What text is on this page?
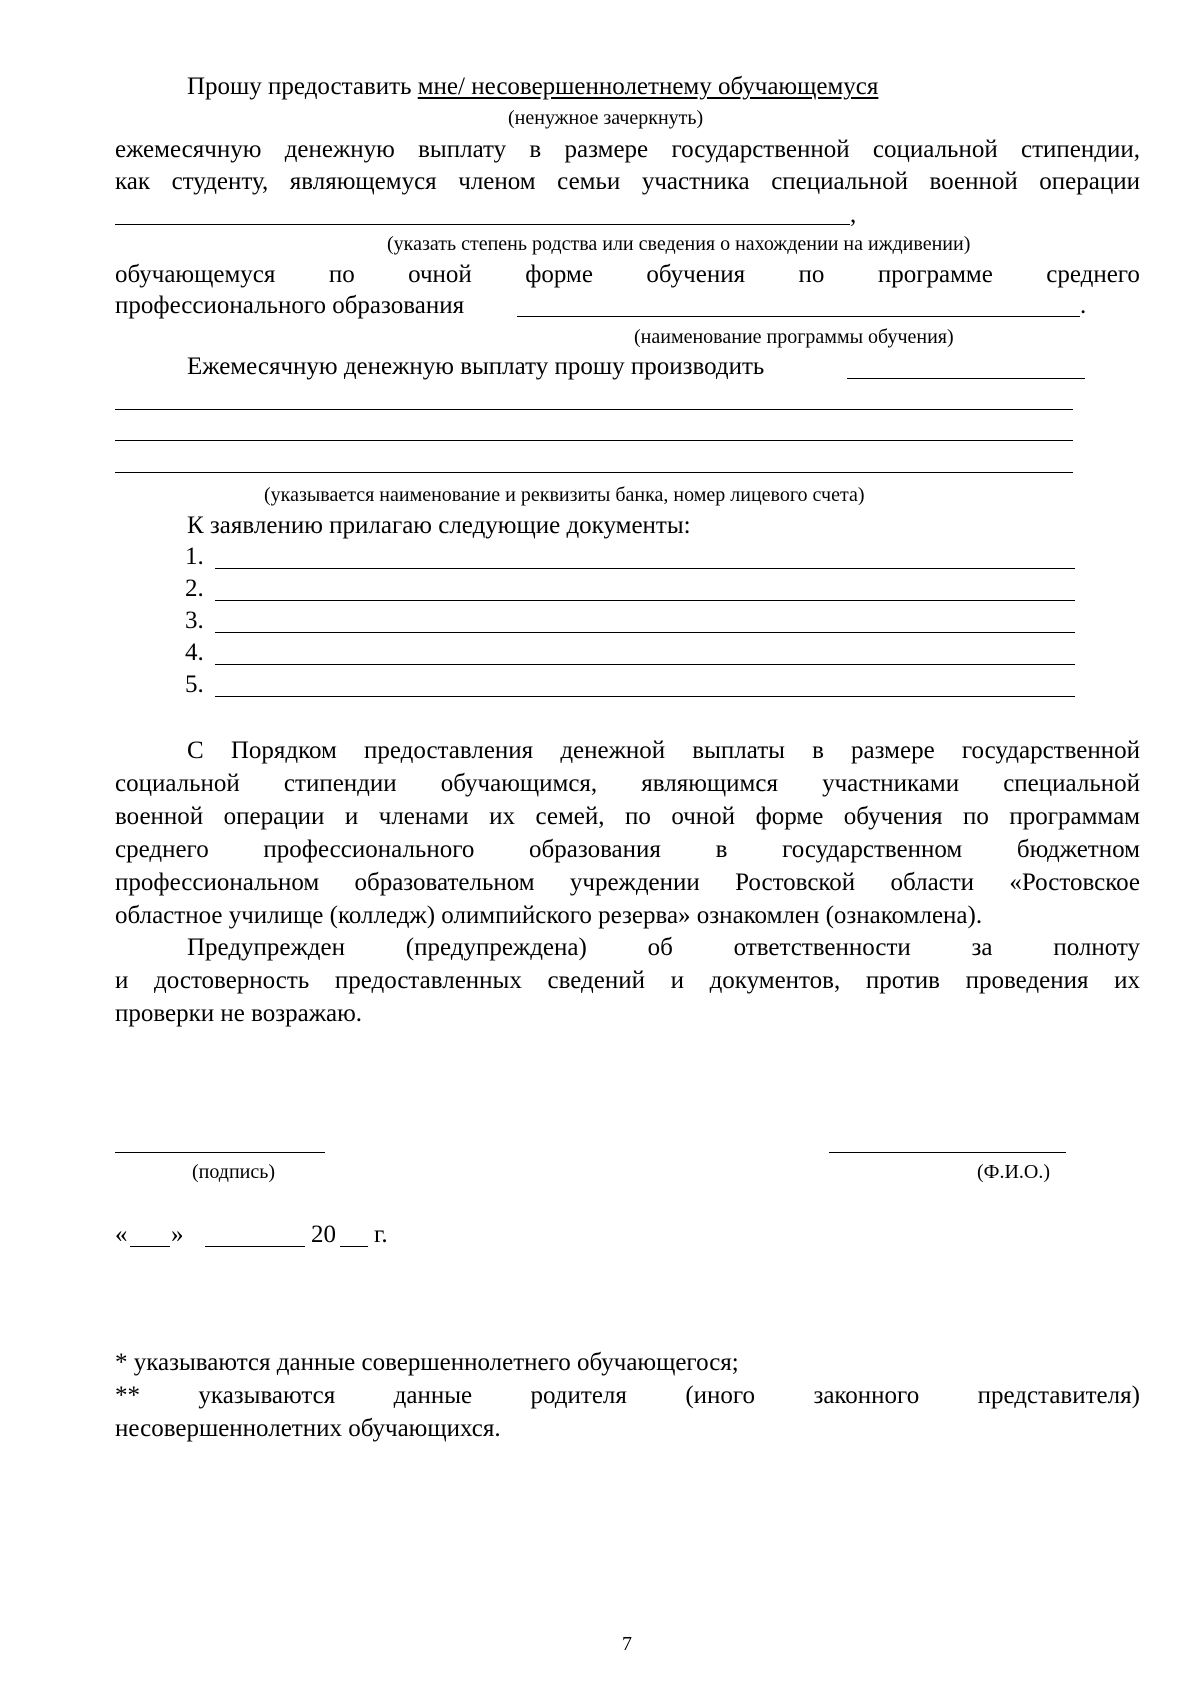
Прошу предоставить мне/ несовершеннолетнему обучающемуся
(ненужное зачеркнуть)
ежемесячную денежную выплату в размере государственной социальной стипендии,
как студенту, являющемуся членом семьи участника специальной военной операции
,
(указать степень родства или сведения о нахождении на иждивении)
обучающемуся по очной форме обучения по программе среднего
профессионального образования	.
(наименование программы обучения)
Ежемесячную денежную выплату прошу производить
(указывается наименование и реквизиты банка, номер лицевого счета)
К заявлению прилагаю следующие документы:
1.
2.
3.
4.
5.
С Порядком предоставления денежной выплаты в размере государственной
социальной стипендии обучающимся, являющимся участниками специальной
военной операции и членами их семей, по очной форме обучения по программам
среднего профессионального образования в государственном бюджетном
профессиональном образовательном учреждении Ростовской области «Ростовское
областное училище (колледж) олимпийского резерва» ознакомлен (ознакомлена).
Предупрежден (предупреждена) об ответственности за полноту
и достоверность предоставленных сведений и документов, против проведения их
проверки не возражаю.
(подпись)	(Ф.И.О.)
« »	20 г.
* указываются данные совершеннолетнего обучающегося;
** указываются данные родителя (иного законного представителя)
несовершеннолетних обучающихся.
7
